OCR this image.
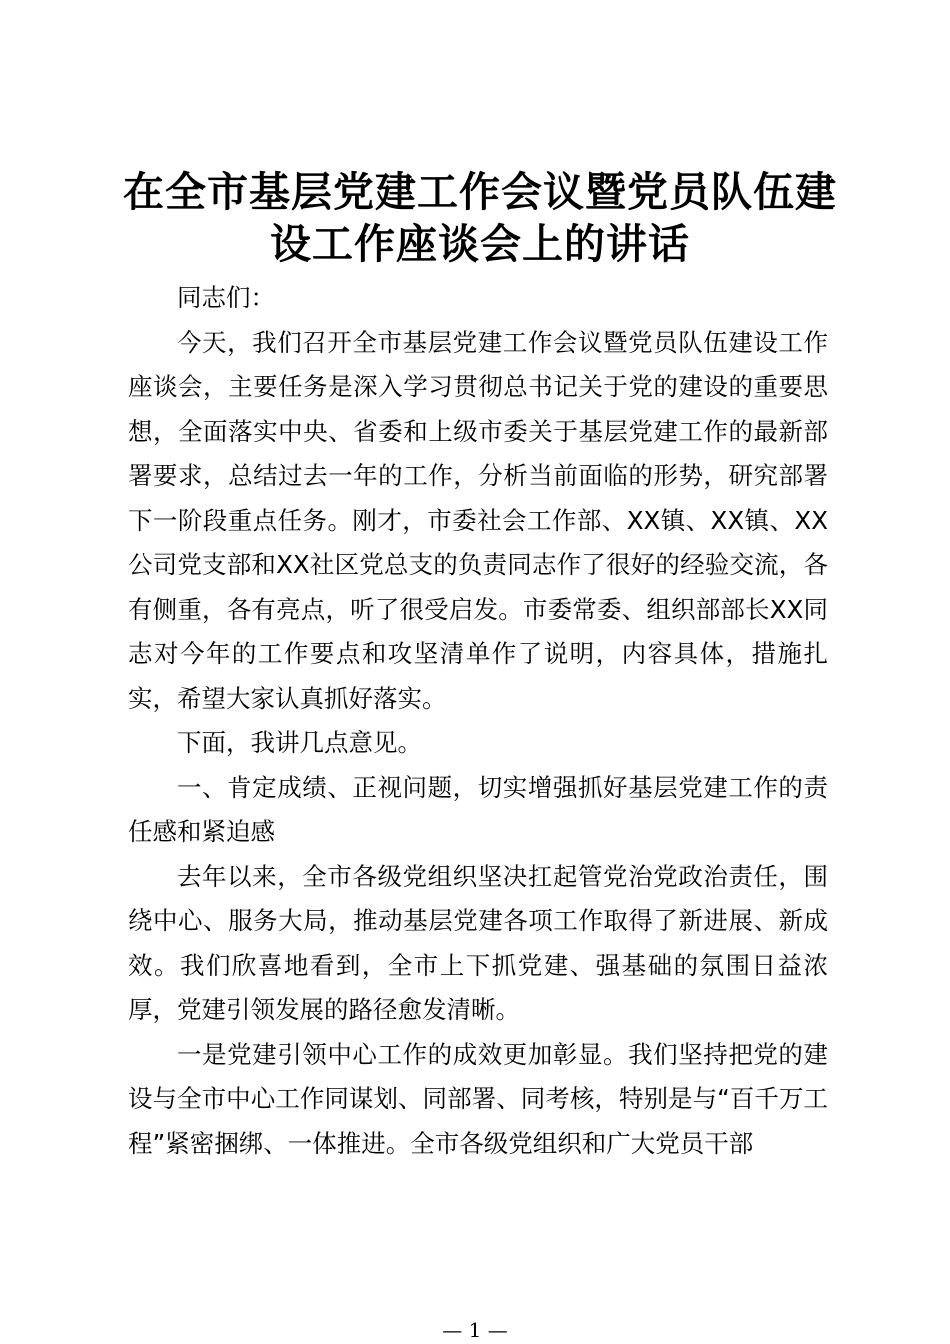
在全市基层党建工作会议暨党员队伍建设工作座谈会上的讲话

同志们：

今天，我们召开全市基层党建工作会议暨党员队伍建设工作座谈会，主要任务是深入学习贯彻总书记关于党的建设的重要思想，全面落实中央、省委和上级市委关于基层党建工作的最新部署要求，总结过去一年的工作，分析当前面临的形势，研究部署下一阶段重点任务。刚才，市委社会工作部、XX镇、XX镇、XX公司党支部和XX社区党总支的负责同志作了很好的经验交流，各有侧重，各有亮点，听了很受启发。市委常委、组织部部长XX同志对今年的工作要点和攻坚清单作了说明，内容具体，措施扎实，希望大家认真抓好落实。

下面，我讲几点意见。

一、肯定成绩、正视问题，切实增强抓好基层党建工作的责任感和紧迫感

去年以来，全市各级党组织坚决扛起管党治党政治责任，围绕中心、服务大局，推动基层党建各项工作取得了新进展、新成效。我们欣喜地看到，全市上下抓党建、强基础的氛围日益浓厚，党建引领发展的路径愈发清晰。

一是党建引领中心工作的成效更加彰显。我们坚持把党的建设与全市中心工作同谋划、同部署、同考核，特别是与“百千万工程”紧密捆绑、一体推进。全市各级党组织和广大党员干部

— 1 —
